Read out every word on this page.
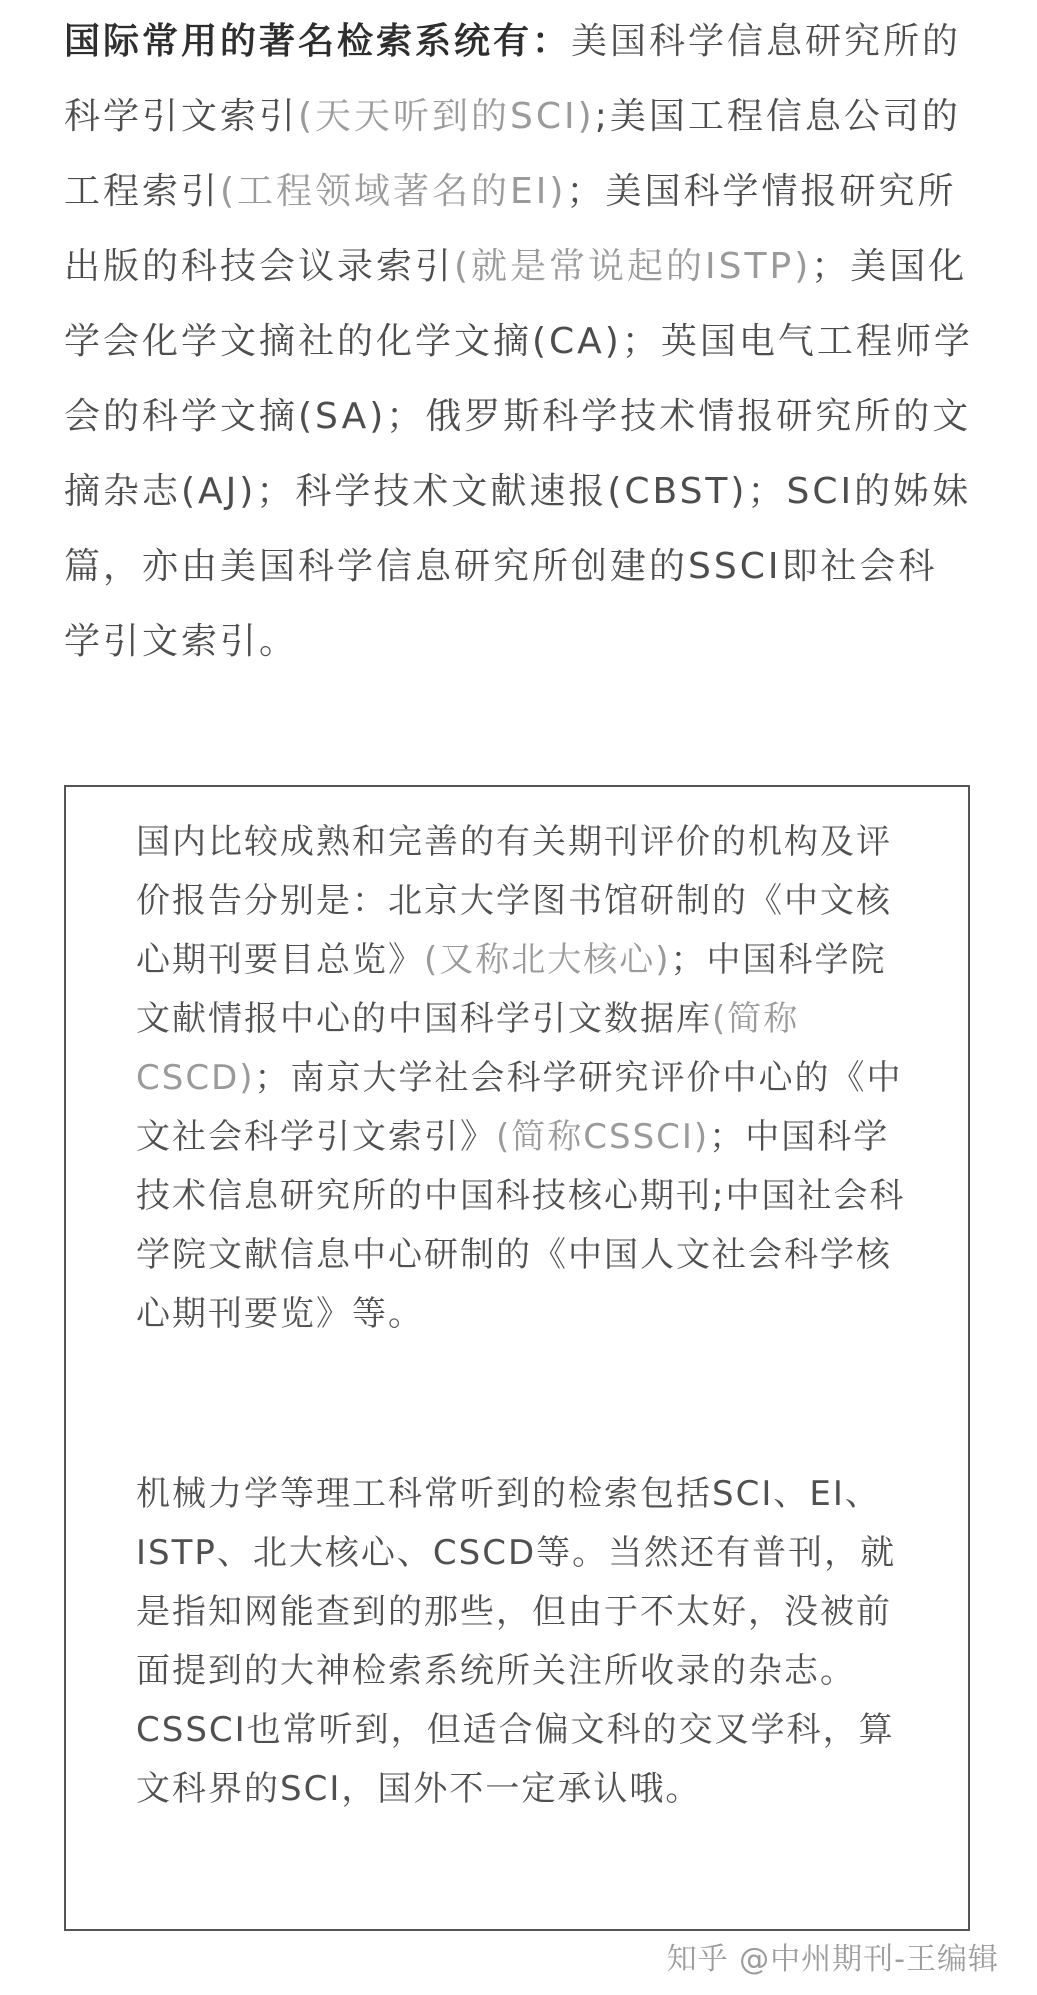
国际常用的著名检索系统有：美国科学信息研究所的科学引文索引(天天听到的SCI);美国工程信息公司的工程索引(工程领域著名的EI)；美国科学情报研究所出版的科技会议录索引(就是常说起的ISTP)；美国化学会化学文摘社的化学文摘(CA)；英国电气工程师学会的科学文摘(SA)；俄罗斯科学技术情报研究所的文摘杂志(AJ)；科学技术文献速报(CBST)；SCI的姊妹篇，亦由美国科学信息研究所创建的SSCI即社会科学引文索引。

国内比较成熟和完善的有关期刊评价的机构及评价报告分别是：北京大学图书馆研制的《中文核心期刊要目总览》(又称北大核心)；中国科学院文献情报中心的中国科学引文数据库(简称CSCD)；南京大学社会科学研究评价中心的《中文社会科学引文索引》(简称CSSCI)；中国科学技术信息研究所的中国科技核心期刊;中国社会科学院文献信息中心研制的《中国人文社会科学核心期刊要览》等。

机械力学等理工科常听到的检索包括SCI、EI、ISTP、北大核心、CSCD等。当然还有普刊，就是指知网能查到的那些，但由于不太好，没被前面提到的大神检索系统所关注所收录的杂志。CSSCI也常听到，但适合偏文科的交叉学科，算文科界的SCI，国外不一定承认哦。

知乎 @中州期刊-王编辑
